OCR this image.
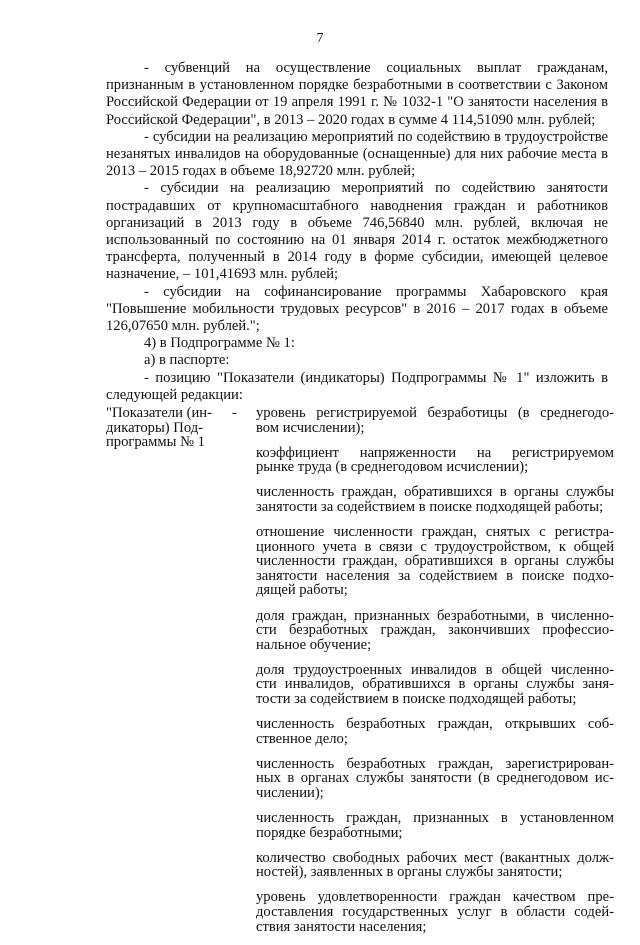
7

- субвенций на осуществление социальных выплат гражданам, признанным в установленном порядке безработными в соответствии с Законом Российской Федерации от 19 апреля 1991 г. № 1032-1 "О занятости населения в Российской Федерации", в 2013 – 2020 годах в сумме 4 114,51090 млн. рублей;

- субсидии на реализацию мероприятий по содействию в трудоустройстве незанятых инвалидов на оборудованные (оснащенные) для них рабочие места в 2013 – 2015 годах в объеме 18,92720 млн. рублей;

- субсидии на реализацию мероприятий по содействию занятости пострадавших от крупномасштабного наводнения граждан и работников организаций в 2013 году в объеме 746,56840 млн. рублей, включая не использованный по состоянию на 01 января 2014 г. остаток межбюджетного трансферта, полученный в 2014 году в форме субсидии, имеющей целевое назначение, – 101,41693 млн. рублей;

- субсидии на софинансирование программы Хабаровского края "Повышение мобильности трудовых ресурсов" в 2016 – 2017 годах в объеме 126,07650 млн. рублей.";

4) в Подпрограмме № 1:

а) в паспорте:

- позицию "Показатели (индикаторы) Подпрограммы № 1" изложить в следующей редакции:

"Показатели (ин-
дикаторы) Под-
программы № 1
- уровень регистрируемой безработицы (в среднегодо-
вом исчислении);
коэффициент напряженности на регистрируемом
рынке труда (в среднегодовом исчислении);
численность граждан, обратившихся в органы службы
занятости за содействием в поиске подходящей работы;
отношение численности граждан, снятых с регистра-
ционного учета в связи с трудоустройством, к общей
численности граждан, обратившихся в органы службы
занятости населения за содействием в поиске подхо-
дящей работы;
доля граждан, признанных безработными, в численно-
сти безработных граждан, закончивших профессио-
нальное обучение;
доля трудоустроенных инвалидов в общей численно-
сти инвалидов, обратившихся в органы службы заня-
тости за содействием в поиске подходящей работы;
численность безработных граждан, открывших соб-
ственное дело;
численность безработных граждан, зарегистрирован-
ных в органах службы занятости (в среднегодовом ис-
числении);
численность граждан, признанных в установленном
порядке безработными;
количество свободных рабочих мест (вакантных долж-
ностей), заявленных в органы службы занятости;
уровень удовлетворенности граждан качеством пре-
доставления государственных услуг в области содей-
ствия занятости населения;
